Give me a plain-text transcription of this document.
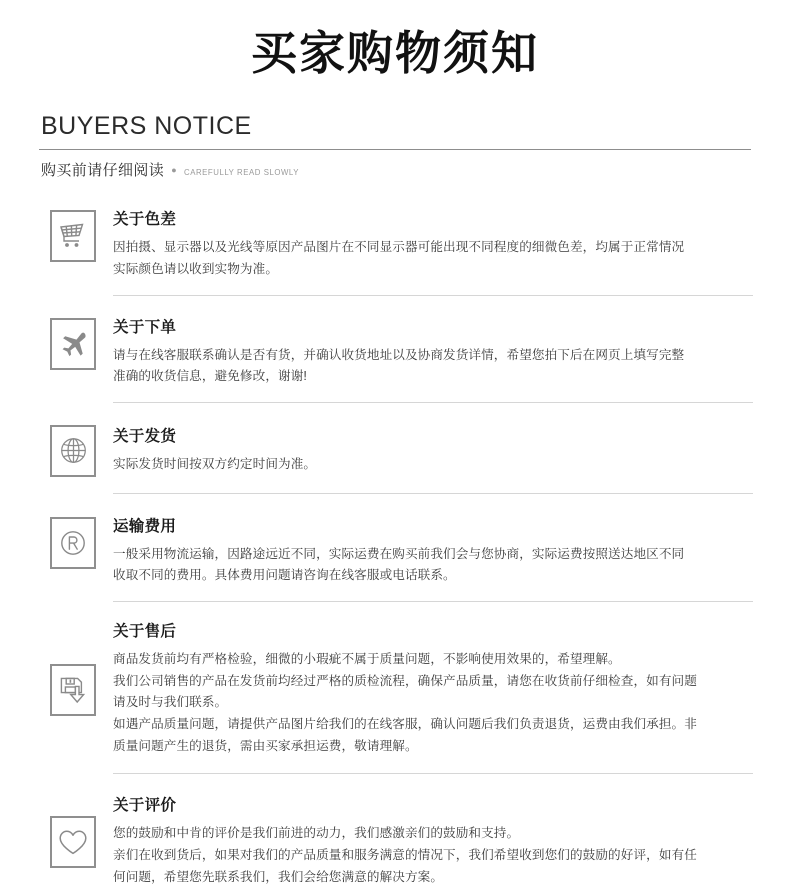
买家购物须知
BUYERS NOTICE
购买前请仔细阅读 ● CAREFULLY READ SLOWLY
关于色差

因拍摄、显示器以及光线等原因产品图片在不同显示器可能出现不同程度的细微色差，均属于正常情况

实际颜色请以收到实物为准。

关于下单

请与在线客服联系确认是否有货，并确认收货地址以及协商发货详情，希望您拍下后在网页上填写完整

准确的收货信息，避免修改，谢谢!

关于发货

实际发货时间按双方约定时间为准。

运输费用

一般采用物流运输，因路途远近不同，实际运费在购买前我们会与您协商，实际运费按照送达地区不同

收取不同的费用。具体费用问题请咨询在线客服或电话联系。

关于售后

商品发货前均有严格检验，细微的小瑕疵不属于质量问题，不影响使用效果的，希望理解。

我们公司销售的产品在发货前均经过严格的质检流程，确保产品质量，请您在收货前仔细检查，如有问题

请及时与我们联系。

如遇产品质量问题，请提供产品图片给我们的在线客服，确认问题后我们负责退货，运费由我们承担。非

质量问题产生的退货，需由买家承担运费，敬请理解。

关于评价

您的鼓励和中肯的评价是我们前进的动力，我们感激亲们的鼓励和支持。

亲们在收到货后，如果对我们的产品质量和服务满意的情况下，我们希望收到您们的鼓励的好评，如有任

何问题，希望您先联系我们，我们会给您满意的解决方案。
